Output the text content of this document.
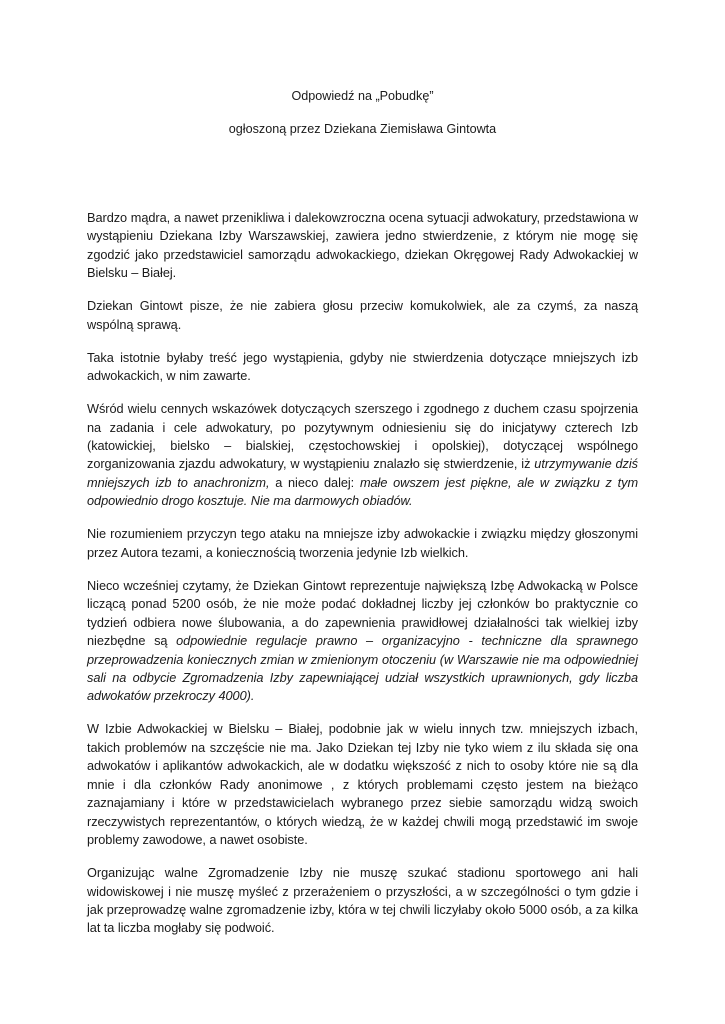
Odpowiedź na „Pobudkę”

ogłoszoną przez Dziekana Ziemisława Gintowta

Bardzo mądra, a nawet przenikliwa i dalekowzroczna ocena sytuacji adwokatury, przedstawiona w wystąpieniu Dziekana Izby Warszawskiej, zawiera jedno stwierdzenie, z którym nie mogę się zgodzić jako przedstawiciel samorządu adwokackiego, dziekan Okręgowej Rady Adwokackiej w Bielsku – Białej.

Dziekan Gintowt pisze, że nie zabiera głosu przeciw komukolwiek, ale za czymś, za naszą wspólną sprawą.

Taka istotnie byłaby treść jego wystąpienia, gdyby nie stwierdzenia dotyczące mniejszych izb adwokackich, w nim zawarte.

Wśród wielu cennych wskazówek dotyczących szerszego i zgodnego z duchem czasu spojrzenia na zadania i cele adwokatury, po pozytywnym odniesieniu się do inicjatywy czterech Izb (katowickiej, bielsko – bialskiej, częstochowskiej i opolskiej), dotyczącej wspólnego zorganizowania zjazdu adwokatury, w wystąpieniu znalazło się stwierdzenie, iż utrzymywanie dziś mniejszych izb to anachronizm, a nieco dalej: małe owszem jest piękne, ale w związku z tym odpowiednio drogo kosztuje. Nie ma darmowych obiadów.

Nie rozumieniem przyczyn tego ataku na mniejsze izby adwokackie i związku między głoszonymi przez Autora tezami, a koniecznością tworzenia jedynie Izb wielkich.

Nieco wcześniej czytamy, że Dziekan Gintowt reprezentuje największą Izbę Adwokacką w Polsce liczącą ponad 5200 osób, że nie może podać dokładnej liczby jej członków bo praktycznie co tydzień odbiera nowe ślubowania, a do zapewnienia prawidłowej działalności tak wielkiej izby niezbędne są odpowiednie regulacje prawno – organizacyjno - techniczne dla sprawnego przeprowadzenia koniecznych zmian w zmienionym otoczeniu (w Warszawie nie ma odpowiedniej sali na odbycie Zgromadzenia Izby zapewniającej udział wszystkich uprawnionych, gdy liczba adwokatów przekroczy 4000).

W Izbie Adwokackiej w Bielsku – Białej, podobnie jak w wielu innych tzw. mniejszych izbach, takich problemów na szczęście nie ma. Jako Dziekan tej Izby nie tyko wiem z ilu składa się ona adwokatów i aplikantów adwokackich, ale w dodatku większość z nich to osoby które nie są dla mnie i dla członków Rady anonimowe , z których problemami często jestem na bieżąco zaznajamiany i które w przedstawicielach wybranego przez siebie samorządu widzą swoich rzeczywistych reprezentantów, o których wiedzą, że w każdej chwili mogą przedstawić im swoje problemy zawodowe, a nawet osobiste.

Organizując walne Zgromadzenie Izby nie muszę szukać stadionu sportowego ani hali widowiskowej i nie muszę myśleć z przerażeniem o przyszłości, a w szczególności o tym gdzie i jak przeprowadzę walne zgromadzenie izby, która w tej chwili liczyłaby około 5000 osób, a za kilka lat ta liczba mogłaby się podwoić.
